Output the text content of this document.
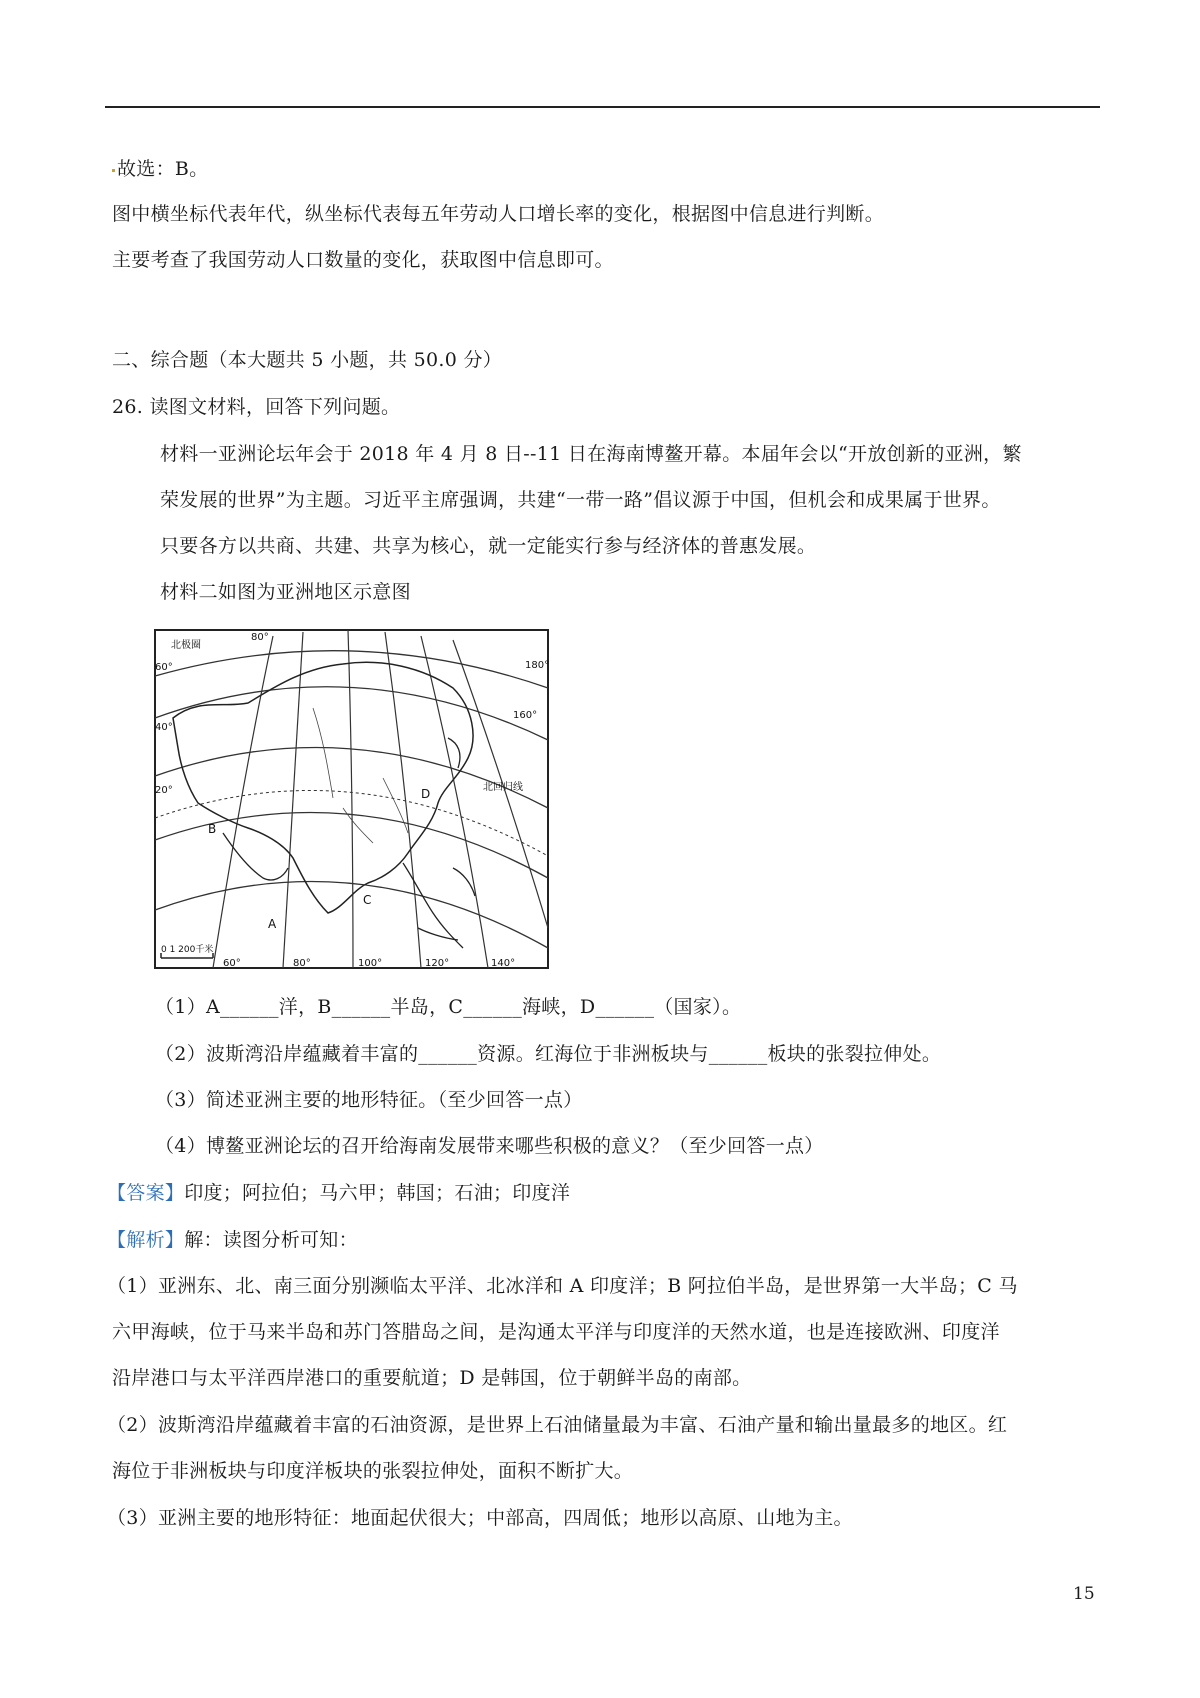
故选：B。
图中横坐标代表年代，纵坐标代表每五年劳动人口增长率的变化，根据图中信息进行判断。
主要考查了我国劳动人口数量的变化，获取图中信息即可。
二、综合题（本大题共 5 小题，共 50.0 分）
26. 读图文材料，回答下列问题。
材料一亚洲论坛年会于 2018 年 4 月 8 日--11 日在海南博鳌开幕。本届年会以“开放创新的亚洲，繁
荣发展的世界”为主题。习近平主席强调，共建“一带一路”倡议源于中国，但机会和成果属于世界。
只要各方以共商、共建、共享为核心，就一定能实行参与经济体的普惠发展。
材料二如图为亚洲地区示意图
北极圈
80°
60°
40°
20°
180°
160°
北回归线
D
B
C
A
0 1 200千米
60°	80°	100°	120°	140°
（1）A______洋，B______半岛，C______海峡，D______（国家）。
（2）波斯湾沿岸蕴藏着丰富的______资源。红海位于非洲板块与______板块的张裂拉伸处。
（3）简述亚洲主要的地形特征。（至少回答一点）
（4）博鳌亚洲论坛的召开给海南发展带来哪些积极的意义？（至少回答一点）
【答案】印度；阿拉伯；马六甲；韩国；石油；印度洋
【解析】解：读图分析可知：
（1）亚洲东、北、南三面分别濒临太平洋、北冰洋和 A 印度洋；B 阿拉伯半岛，是世界第一大半岛；C 马
六甲海峡，位于马来半岛和苏门答腊岛之间，是沟通太平洋与印度洋的天然水道，也是连接欧洲、印度洋
沿岸港口与太平洋西岸港口的重要航道；D 是韩国，位于朝鲜半岛的南部。
（2）波斯湾沿岸蕴藏着丰富的石油资源，是世界上石油储量最为丰富、石油产量和输出量最多的地区。红
海位于非洲板块与印度洋板块的张裂拉伸处，面积不断扩大。
（3）亚洲主要的地形特征：地面起伏很大；中部高，四周低；地形以高原、山地为主。
15
